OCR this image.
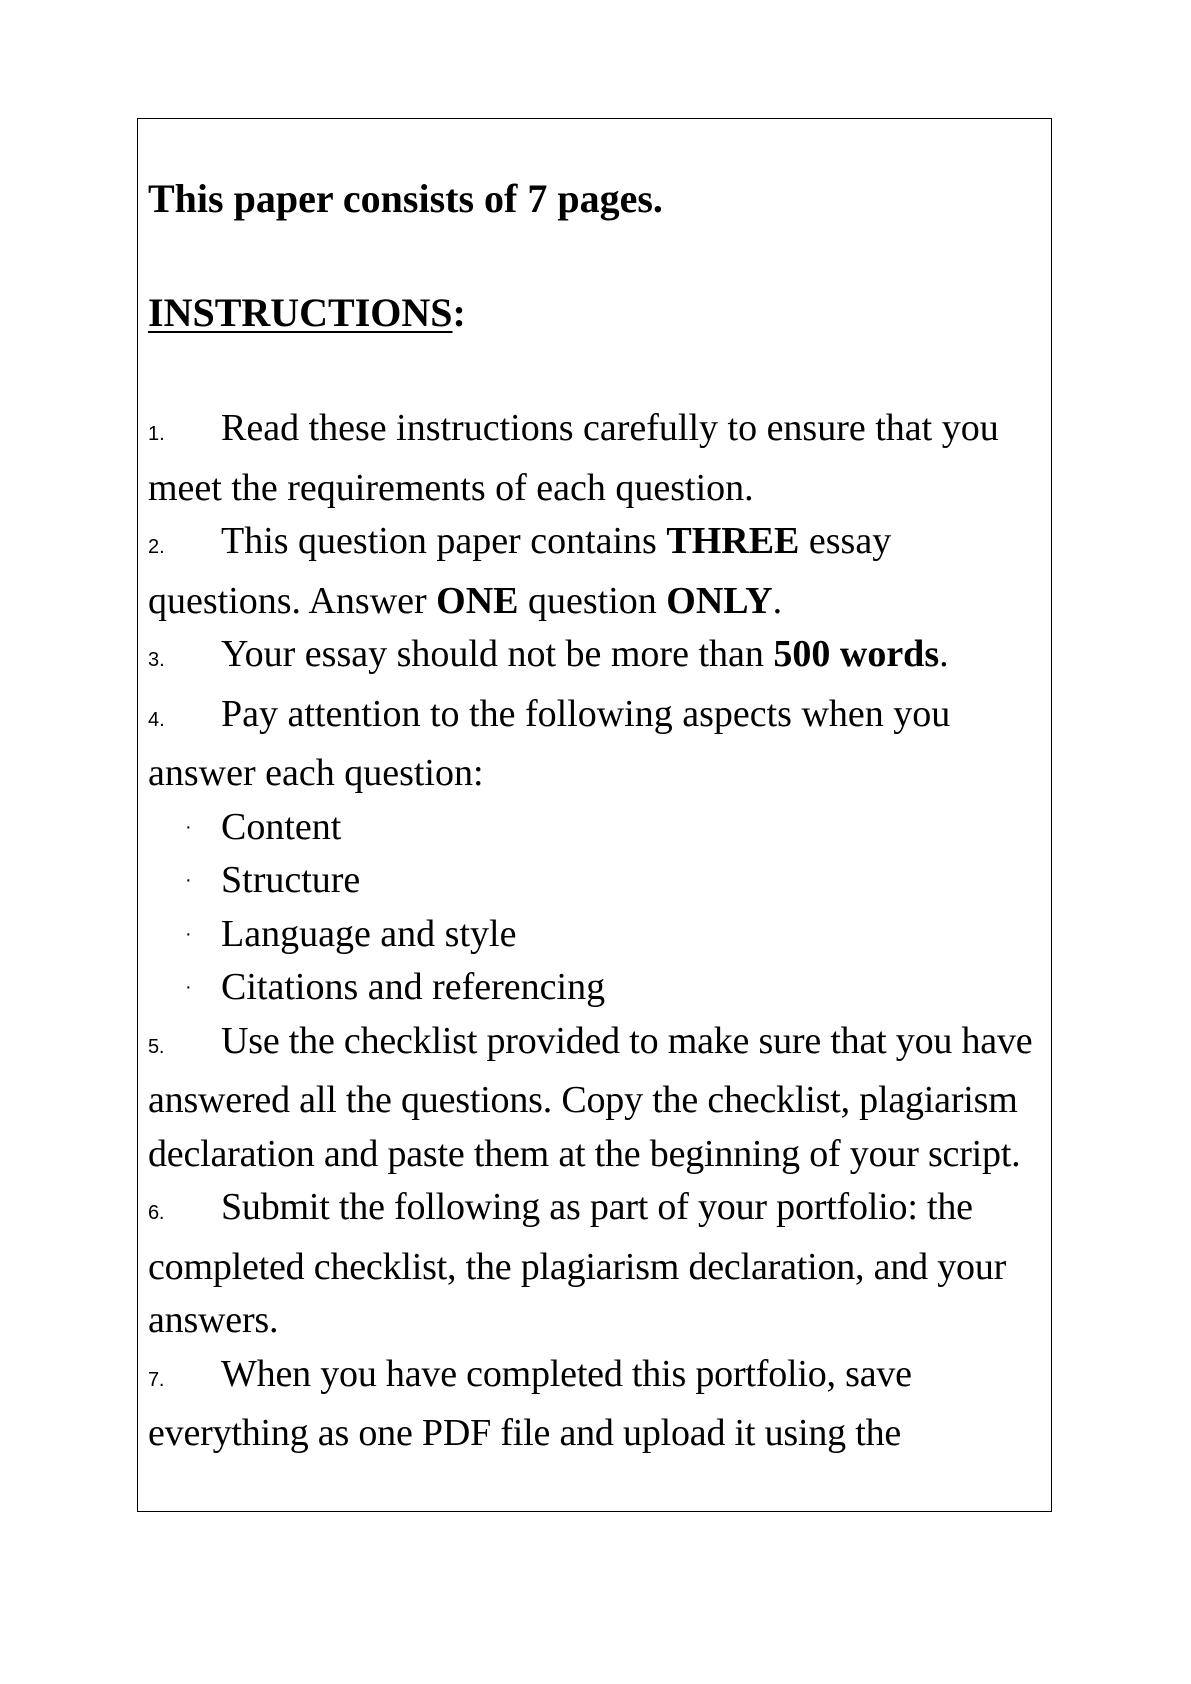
This paper consists of 7 pages.
INSTRUCTIONS:

1. Read these instructions carefully to ensure that you meet the requirements of each question.

2. This question paper contains THREE essay questions. Answer ONE question ONLY.

3. Your essay should not be more than 500 words.

4. Pay attention to the following aspects when you answer each question:

· Content

· Structure

· Language and style

· Citations and referencing

5. Use the checklist provided to make sure that you have answered all the questions. Copy the checklist, plagiarism declaration and paste them at the beginning of your script.

6. Submit the following as part of your portfolio: the completed checklist, the plagiarism declaration, and your answers.

7. When you have completed this portfolio, save everything as one PDF file and upload it using the
